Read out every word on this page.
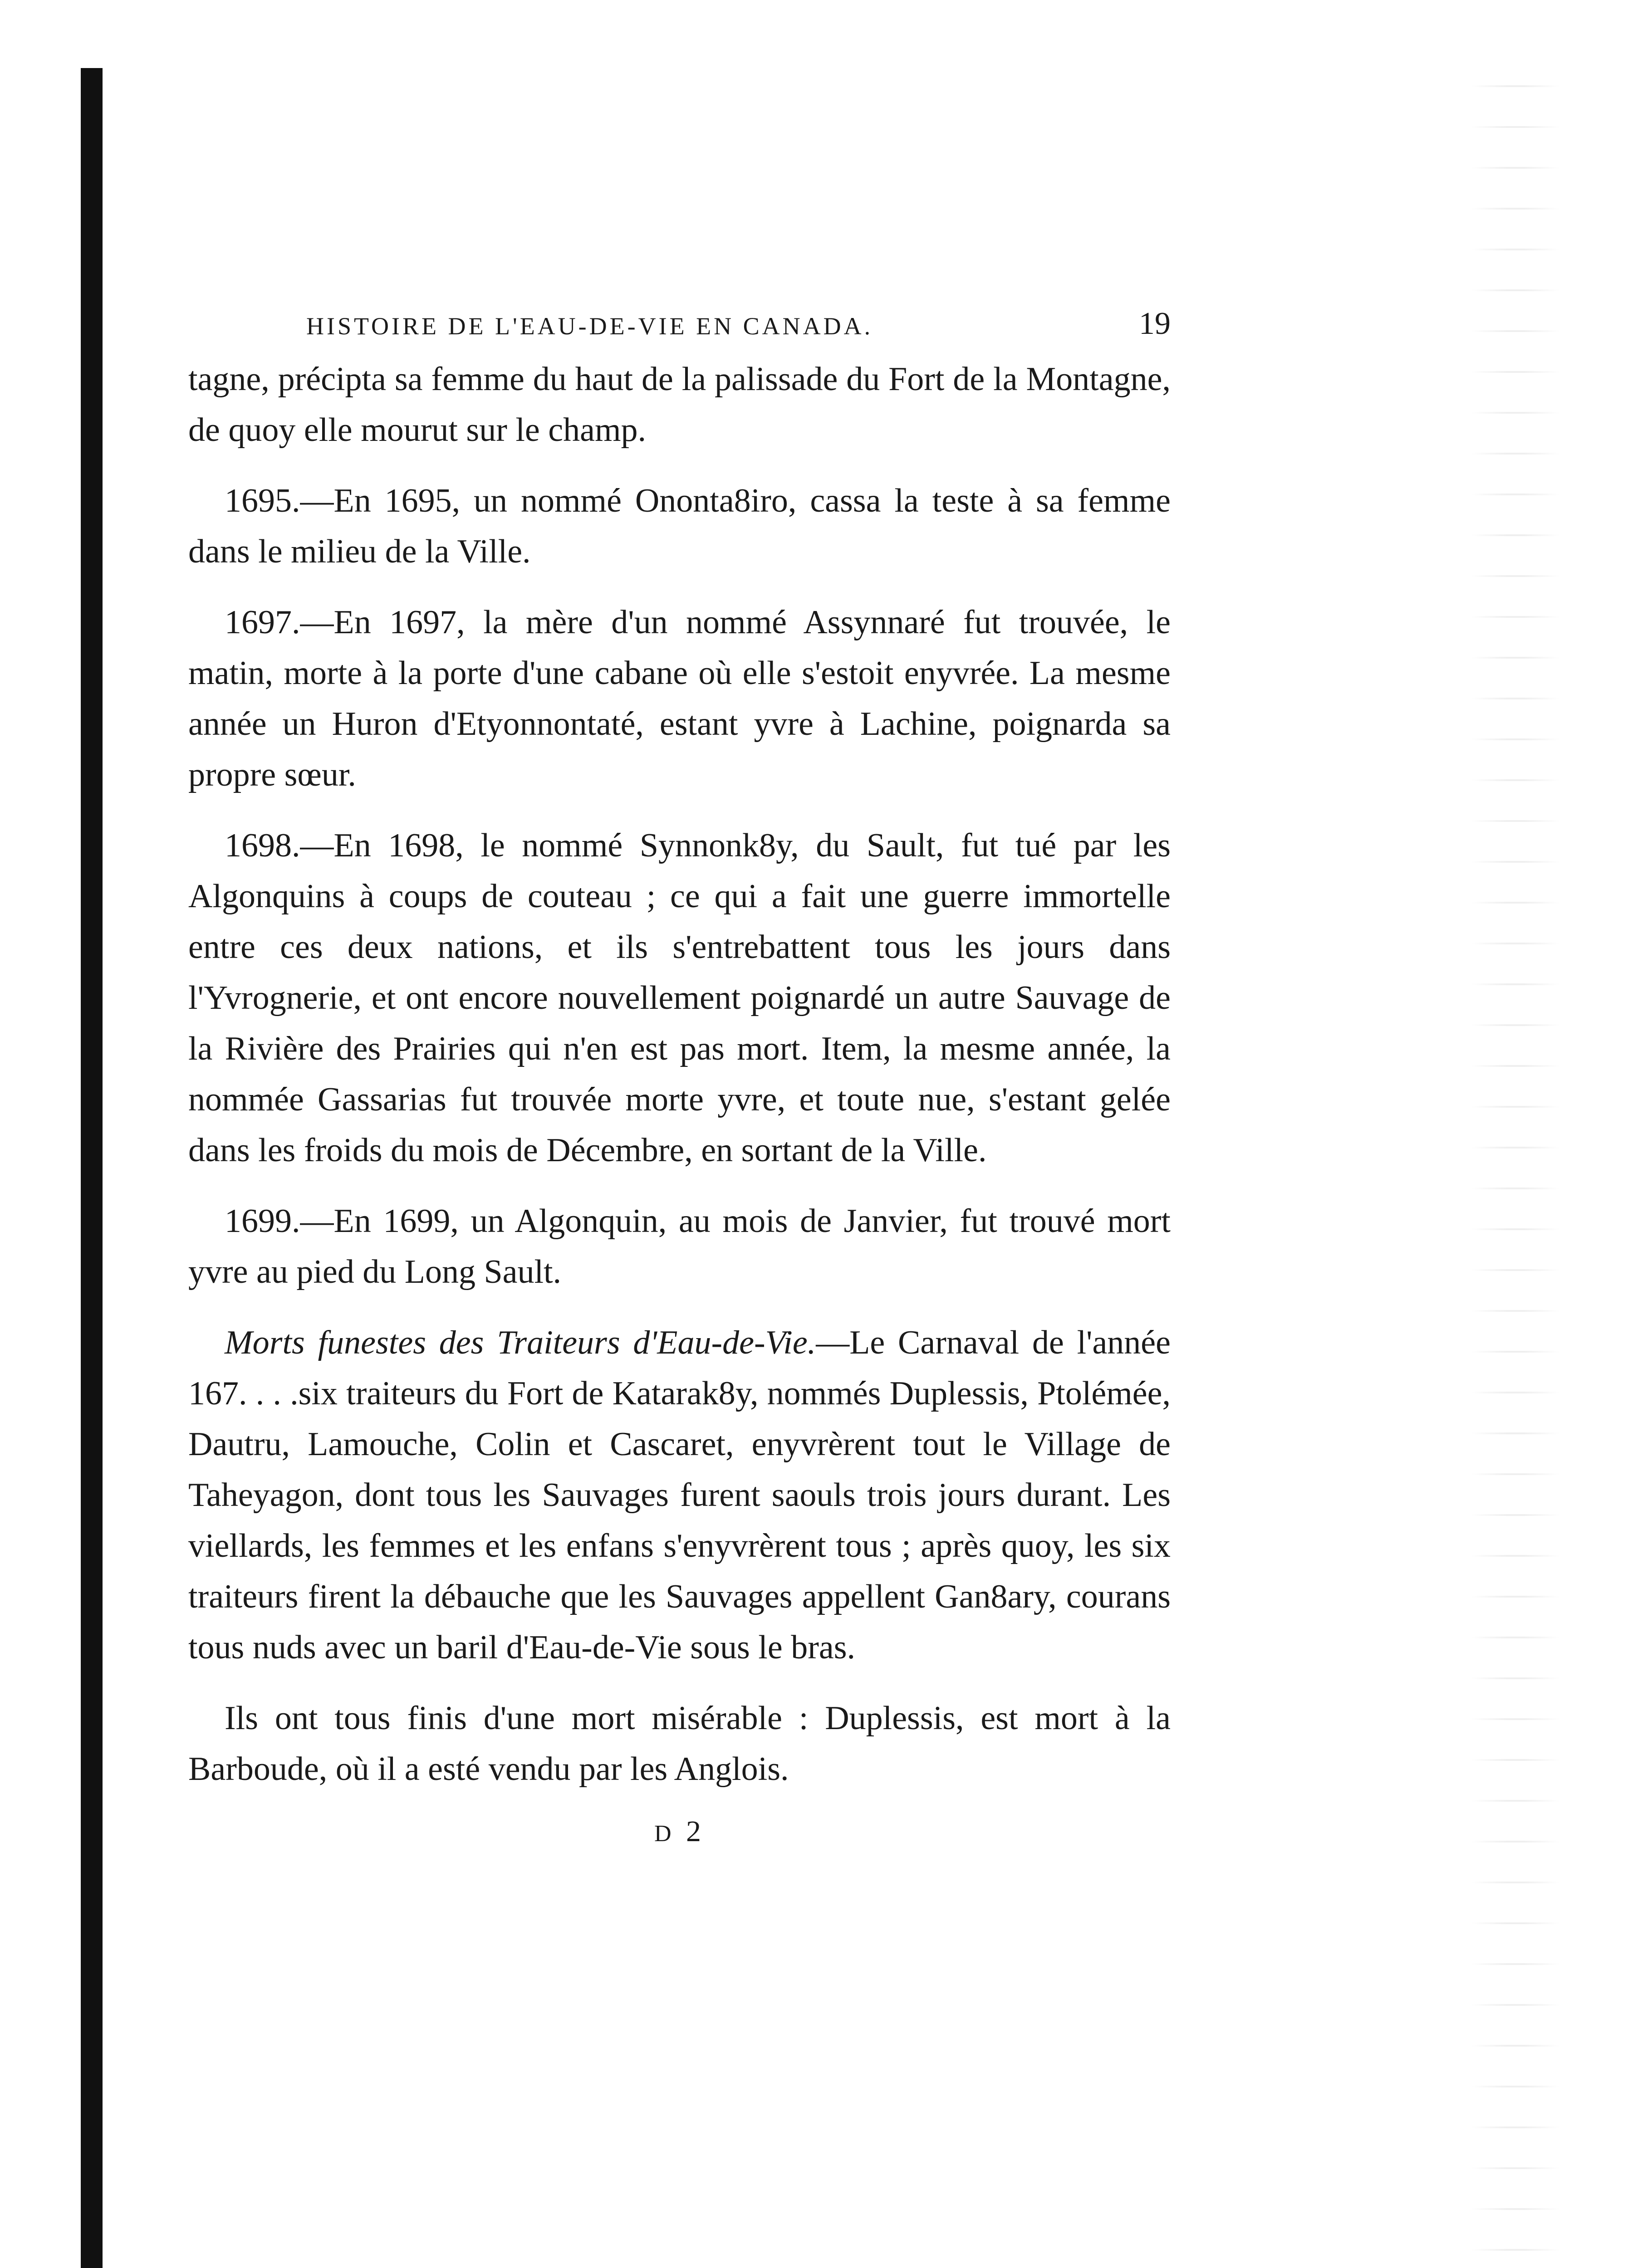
HISTOIRE DE L'EAU-DE-VIE EN CANADA.	19

tagne, précipta sa femme du haut de la palissade du Fort de la Montagne, de quoy elle mourut sur le champ.

1695.—En 1695, un nommé Ononta8iro, cassa la teste à sa femme dans le milieu de la Ville.

1697.—En 1697, la mère d'un nommé Assynnaré fut trouvée, le matin, morte à la porte d'une cabane où elle s'estoit enyvrée. La mesme année un Huron d'Etyonnontaté, estant yvre à Lachine, poignarda sa propre sœur.

1698.—En 1698, le nommé Synnonk8y, du Sault, fut tué par les Algonquins à coups de couteau ; ce qui a fait une guerre immortelle entre ces deux nations, et ils s'entrebattent tous les jours dans l'Yvrognerie, et ont encore nouvellement poignardé un autre Sauvage de la Rivière des Prairies qui n'en est pas mort. Item, la mesme année, la nommée Gassarias fut trouvée morte yvre, et toute nue, s'estant gelée dans les froids du mois de Décembre, en sortant de la Ville.

1699.—En 1699, un Algonquin, au mois de Janvier, fut trouvé mort yvre au pied du Long Sault.

Morts funestes des Traiteurs d'Eau-de-Vie.—Le Carnaval de l'année 167. . . .six traiteurs du Fort de Katarak8y, nommés Duplessis, Ptolémée, Dautru, Lamouche, Colin et Cascaret, enyvrèrent tout le Village de Taheyagon, dont tous les Sauvages furent saouls trois jours durant. Les viellards, les femmes et les enfans s'enyvrèrent tous ; après quoy, les six traiteurs firent la débauche que les Sauvages appellent Gan8ary, courans tous nuds avec un baril d'Eau-de-Vie sous le bras.

Ils ont tous finis d'une mort misérable : Duplessis, est mort à la Barboude, où il a esté vendu par les Anglois.

D 2
